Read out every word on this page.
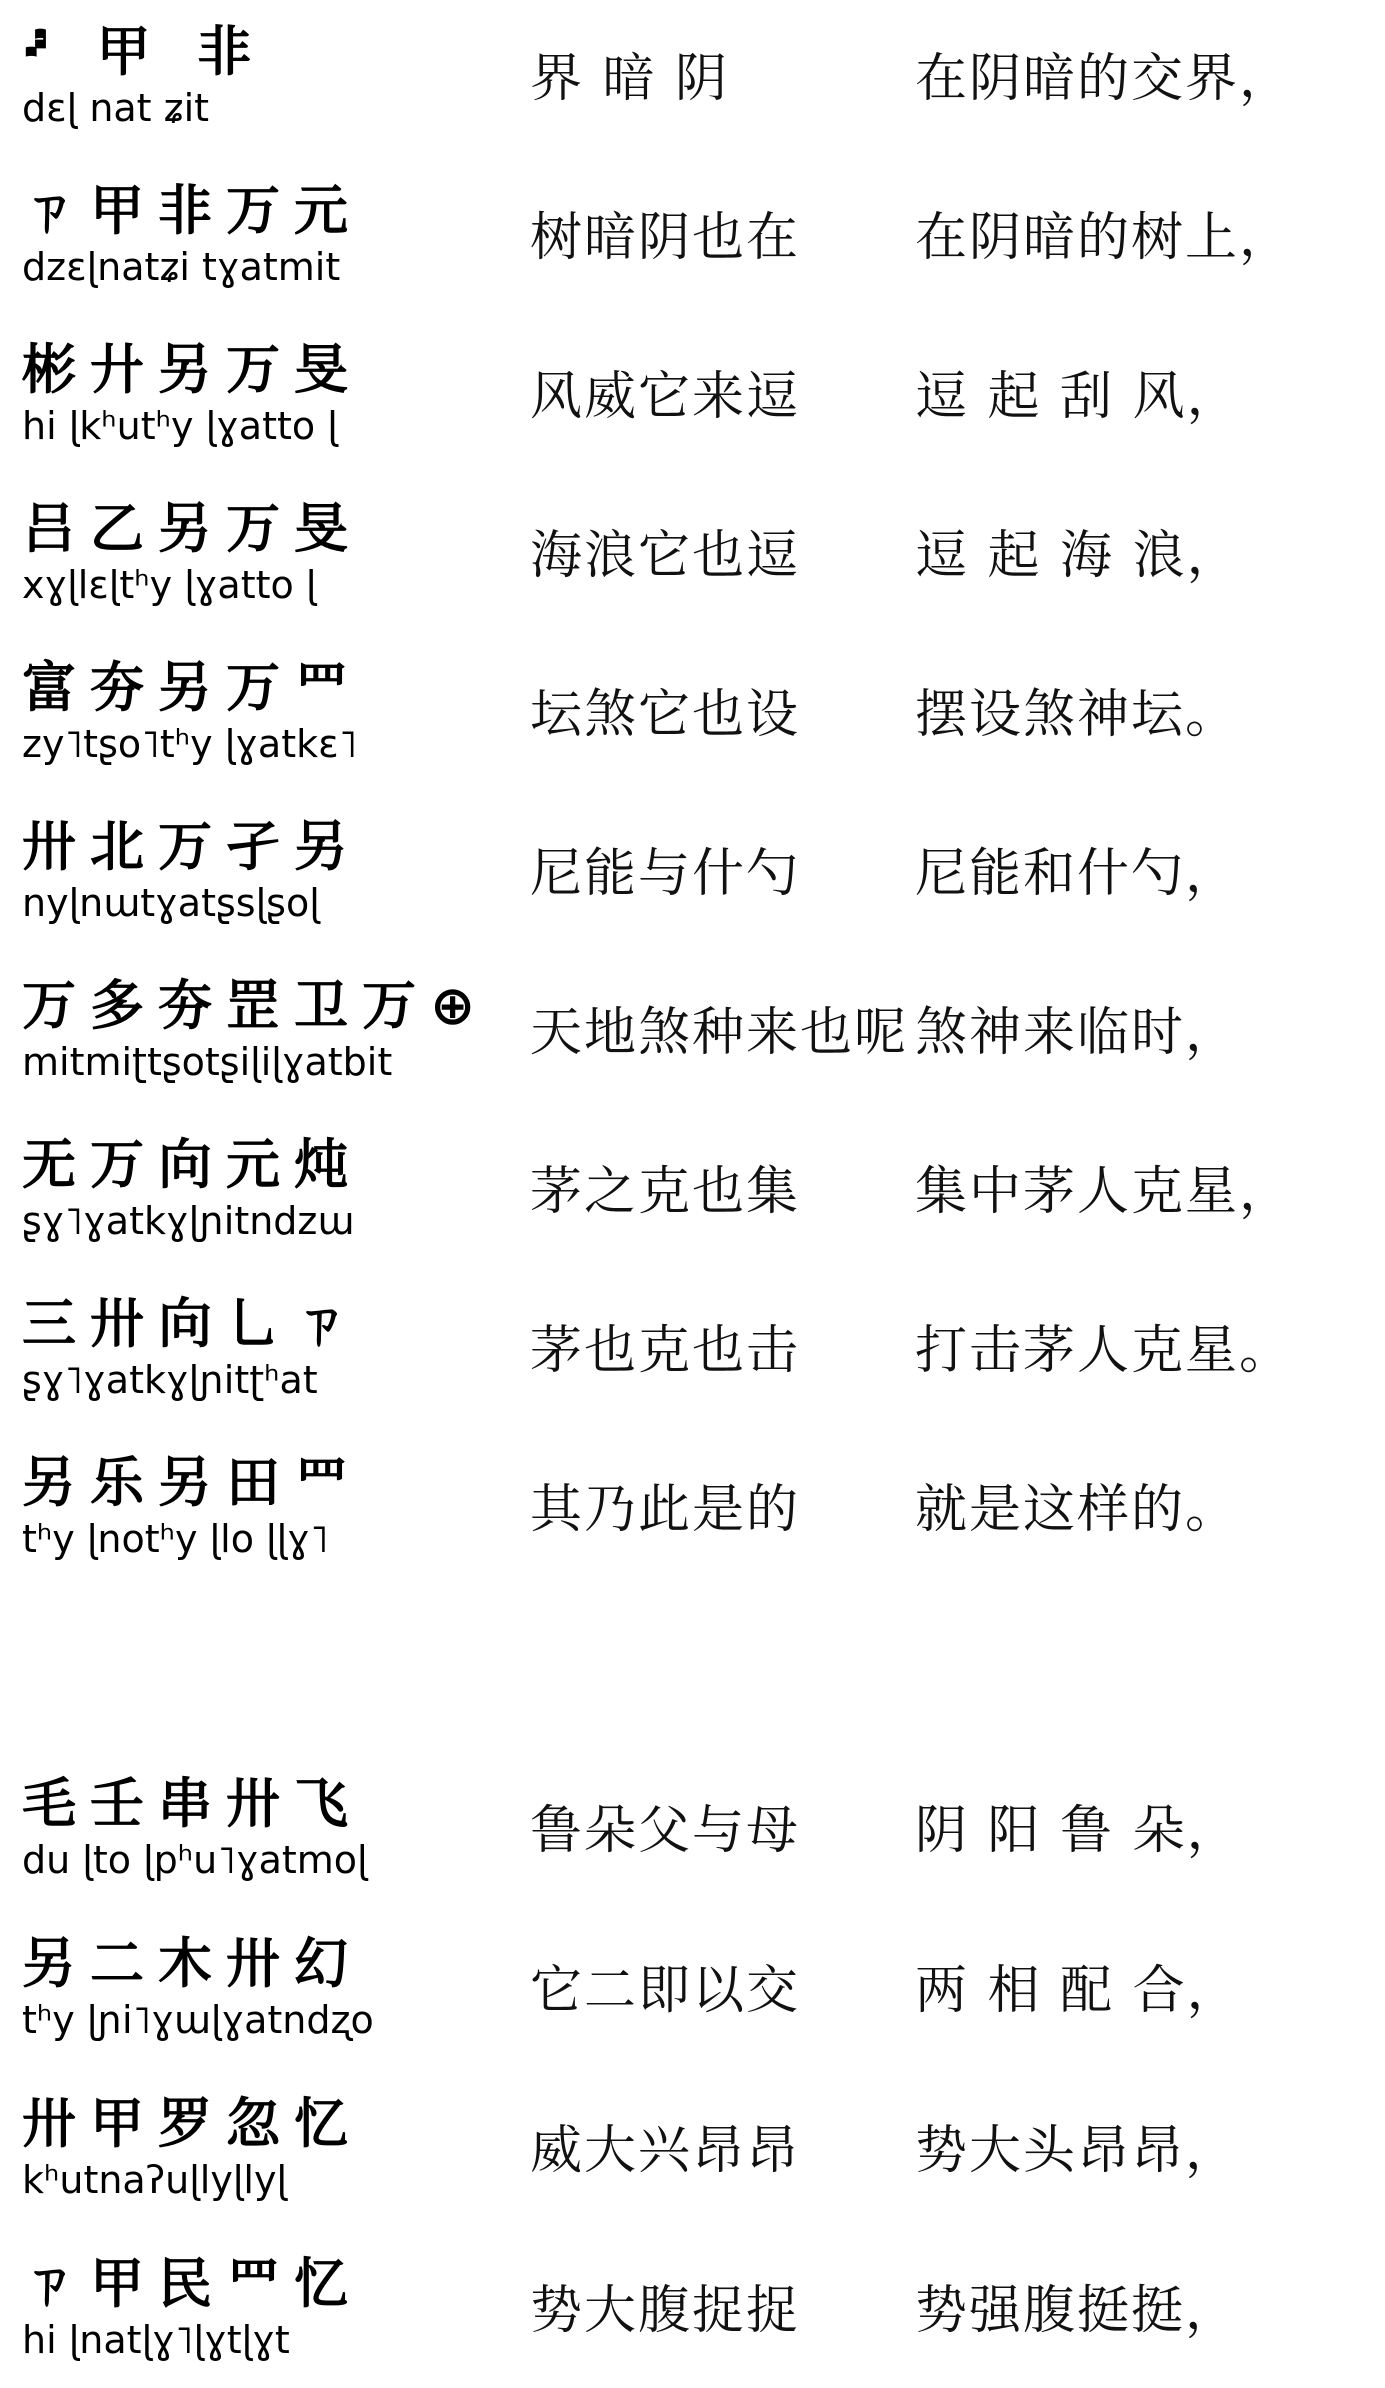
𝇖 甲 非
dɛɭ nat ʑit	界 暗 阴	在阴暗的交界，
ㄗ甲非万元
dzɛɭnatʑi tɣatmit	树暗阴也在	在阴暗的树上，
彬廾另万旻
hi ɭkʰutʰy ɭɣatto ɭ	风威它来逗	逗 起 刮 风，
吕乙另万旻
xɣɭlɛɭtʰy ɭɣatto ɭ	海浪它也逗	逗 起 海 浪，
富夯另万罒
zy˥tʂo˥tʰy ɭɣatkɛ˥	坛煞它也设	摆设煞神坛。
卅北万孑另
nyɭnɯtɣatʂsɭʂoɭ	尼能与什勺	尼能和什勺，
万多夯罡卫万⊕
mitmiʈtʂotʂiɭiɭɣatbit	天地煞种来也呢 煞神来临时，
无万向元炖
ʂɣ˥ɣatkɣɭɲitndzɯ	茅之克也集	集中茅人克星，
三卅向乚ㄗ
ʂɣ˥ɣatkɣɭɲitʈʰat	茅也克也击	打击茅人克星。
另乐另田罒
tʰy ɭnotʰy ɭlo ɭɭɣ˥	其乃此是的	就是这样的。
毛壬串卅飞
du ɭto ɭpʰu˥ɣatmoɭ	鲁朵父与母	阴 阳 鲁 朵，
另二木卅幻
tʰy ɭɲi˥ɣɯɭɣatndʐo	它二即以交	两 相 配 合，
卅甲罗忽忆
kʰutnaʔuɭlyɭlyɭ	威大兴昂昂	势大头昂昂，
ㄗ甲民罒忆
hi ɭnatɭɣ˥ɭɣtɭɣt	势大腹捉捉	势强腹挺挺，
